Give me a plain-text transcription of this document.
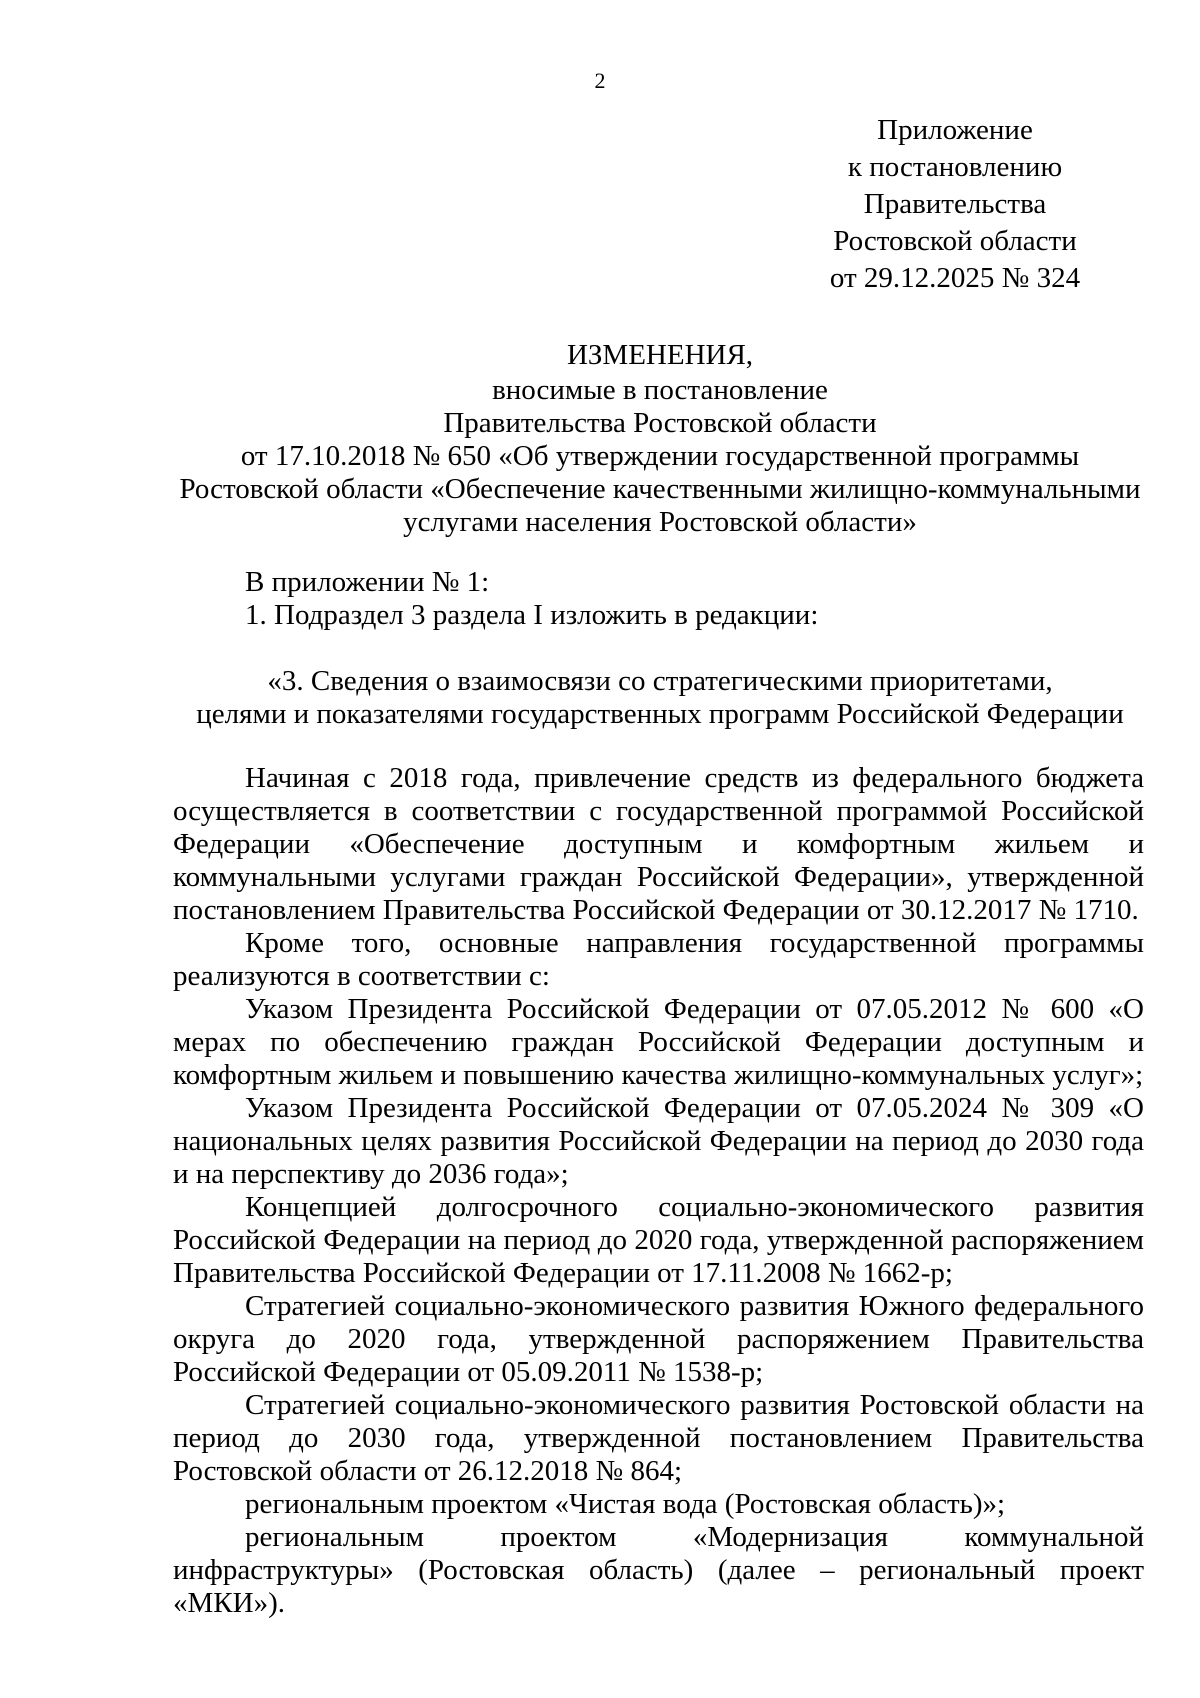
2
Приложение
к постановлению
Правительства
Ростовской области
от 29.12.2025 № 324
ИЗМЕНЕНИЯ,
вносимые в постановление
Правительства Ростовской области
от 17.10.2018 № 650 «Об утверждении государственной программы
Ростовской области «Обеспечение качественными жилищно-коммунальными
услугами населения Ростовской области»
В приложении № 1:
1. Подраздел 3 раздела I изложить в редакции:
«3. Сведения о взаимосвязи со стратегическими приоритетами,
целями и показателями государственных программ Российской Федерации

Начиная с 2018 года, привлечение средств из федерального бюджета осуществляется в соответствии с государственной программой Российской Федерации «Обеспечение доступным и комфортным жильем и коммунальными услугами граждан Российской Федерации», утвержденной постановлением Правительства Российской Федерации от 30.12.2017 № 1710.

Кроме того, основные направления государственной программы реализуются в соответствии с:

Указом Президента Российской Федерации от 07.05.2012 № 600 «О мерах по обеспечению граждан Российской Федерации доступным и комфортным жильем и повышению качества жилищно-коммунальных услуг»;

Указом Президента Российской Федерации от 07.05.2024 № 309 «О национальных целях развития Российской Федерации на период до 2030 года и на перспективу до 2036 года»;

Концепцией долгосрочного социально-экономического развития Российской Федерации на период до 2020 года, утвержденной распоряжением Правительства Российской Федерации от 17.11.2008 № 1662-р;

Стратегией социально-экономического развития Южного федерального округа до 2020 года, утвержденной распоряжением Правительства Российской Федерации от 05.09.2011 № 1538-р;

Стратегией социально-экономического развития Ростовской области на период до 2030 года, утвержденной постановлением Правительства Ростовской области от 26.12.2018 № 864;

региональным проектом «Чистая вода (Ростовская область)»;

региональным проектом «Модернизация коммунальной инфраструктуры» (Ростовская область) (далее – региональный проект «МКИ»).
